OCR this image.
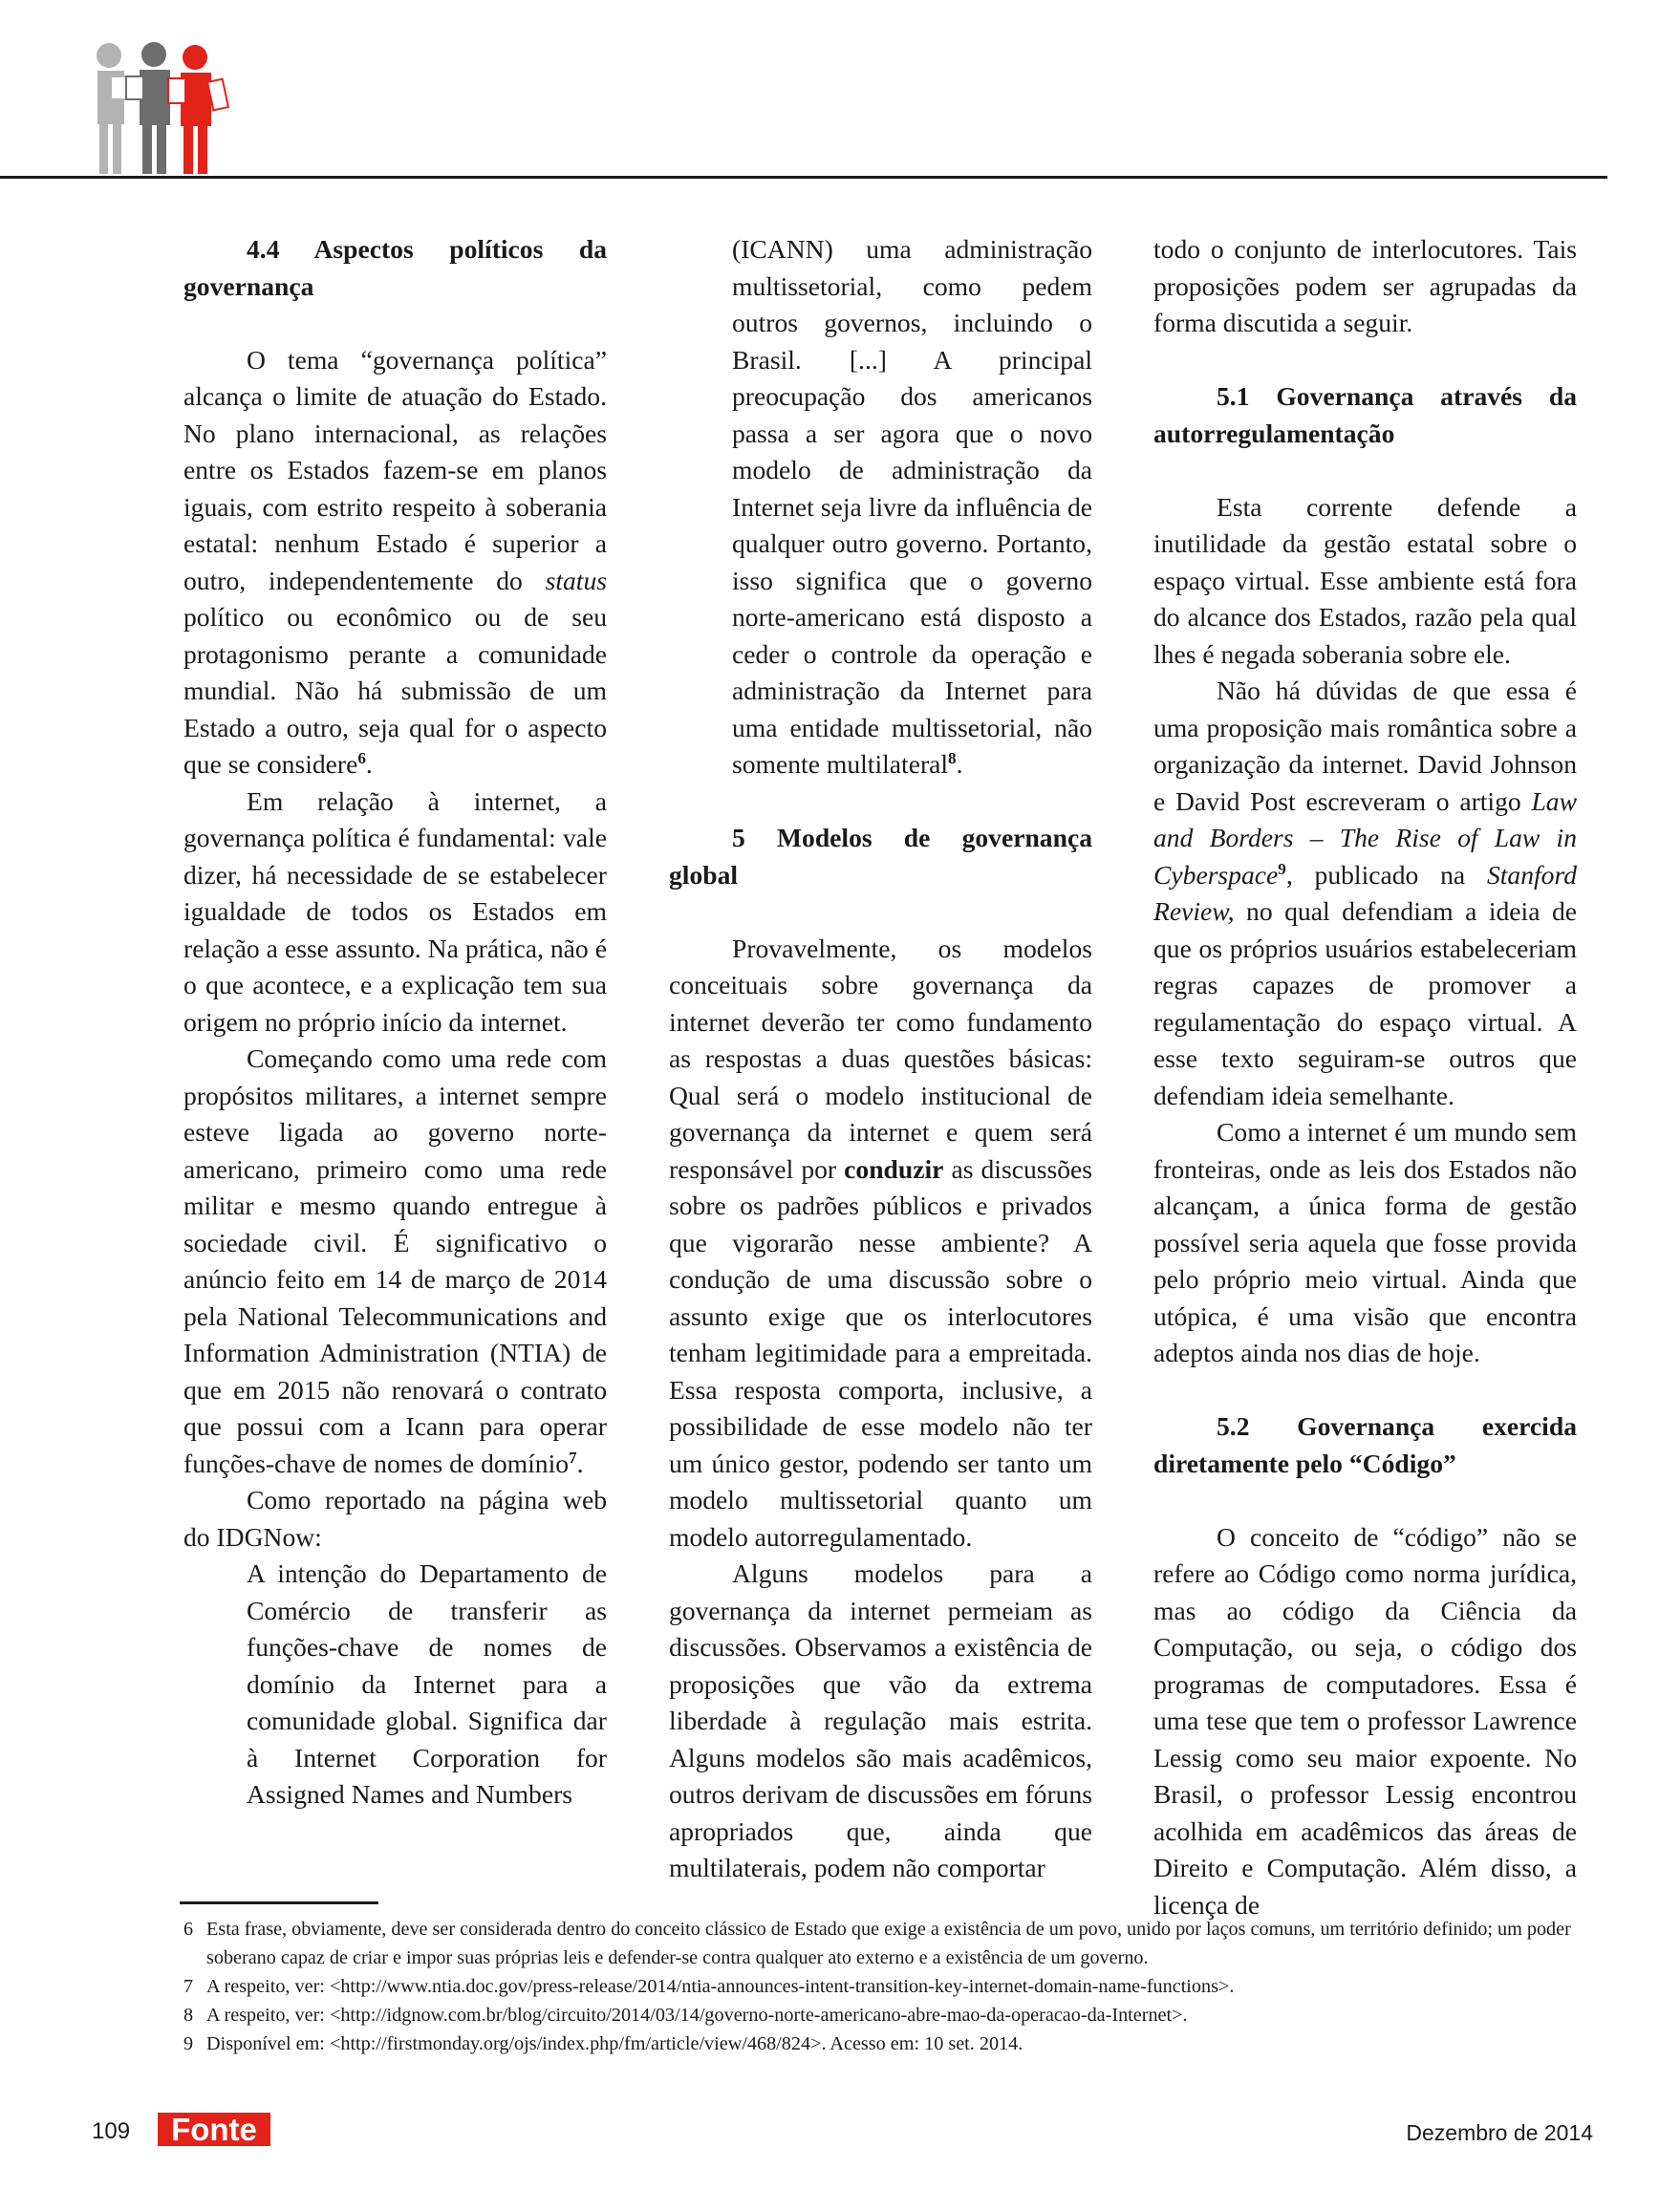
4.4 Aspectos políticos da governança

O tema “governança política” alcança o limite de atuação do Estado. No plano internacional, as relações entre os Estados fazem-se em planos iguais, com estrito respeito à soberania estatal: nenhum Estado é superior a outro, independentemente do status político ou econômico ou de seu protagonismo perante a comunidade mundial. Não há submissão de um Estado a outro, seja qual for o aspecto que se considere$^6$.

Em relação à internet, a governança política é fundamental: vale dizer, há necessidade de se estabelecer igualdade de todos os Estados em relação a esse assunto. Na prática, não é o que acontece, e a explicação tem sua origem no próprio início da internet.

Começando como uma rede com propósitos militares, a internet sempre esteve ligada ao governo norte-americano, primeiro como uma rede militar e mesmo quando entregue à sociedade civil. É significativo o anúncio feito em 14 de março de 2014 pela National Telecommunications and Information Administration (NTIA) de que em 2015 não renovará o contrato que possui com a Icann para operar funções-chave de nomes de domínio$^7$.

Como reportado na página web do IDGNow:

A intenção do Departamento de Comércio de transferir as funções-chave de nomes de domínio da Internet para a comunidade global. Significa dar à Internet Corporation for Assigned Names and Numbers

(ICANN) uma administração multissetorial, como pedem outros governos, incluindo o Brasil. [...] A principal preocupação dos americanos passa a ser agora que o novo modelo de administração da Internet seja livre da influência de qualquer outro governo. Portanto, isso significa que o governo norte-americano está disposto a ceder o controle da operação e administração da Internet para uma entidade multissetorial, não somente multilateral$^8$.

5 Modelos de governança global

Provavelmente, os modelos conceituais sobre governança da internet deverão ter como fundamento as respostas a duas questões básicas: Qual será o modelo institucional de governança da internet e quem será responsável por conduzir as discussões sobre os padrões públicos e privados que vigorarão nesse ambiente? A condução de uma discussão sobre o assunto exige que os interlocutores tenham legitimidade para a empreitada. Essa resposta comporta, inclusive, a possibilidade de esse modelo não ter um único gestor, podendo ser tanto um modelo multissetorial quanto um modelo autorregulamentado.

Alguns modelos para a governança da internet permeiam as discussões. Observamos a existência de proposições que vão da extrema liberdade à regulação mais estrita. Alguns modelos são mais acadêmicos, outros derivam de discussões em fóruns apropriados que, ainda que multilaterais, podem não comportar

todo o conjunto de interlocutores. Tais proposições podem ser agrupadas da forma discutida a seguir.

5.1 Governança através da autorregulamentação

Esta corrente defende a inutilidade da gestão estatal sobre o espaço virtual. Esse ambiente está fora do alcance dos Estados, razão pela qual lhes é negada soberania sobre ele.

Não há dúvidas de que essa é uma proposição mais romântica sobre a organização da internet. David Johnson e David Post escreveram o artigo Law and Borders – The Rise of Law in Cyberspace$^9$, publicado na Stanford Review, no qual defendiam a ideia de que os próprios usuários estabeleceriam regras capazes de promover a regulamentação do espaço virtual. A esse texto seguiram-se outros que defendiam ideia semelhante.

Como a internet é um mundo sem fronteiras, onde as leis dos Estados não alcançam, a única forma de gestão possível seria aquela que fosse provida pelo próprio meio virtual. Ainda que utópica, é uma visão que encontra adeptos ainda nos dias de hoje.

5.2 Governança exercida diretamente pelo “Código”

O conceito de “código” não se refere ao Código como norma jurídica, mas ao código da Ciência da Computação, ou seja, o código dos programas de computadores. Essa é uma tese que tem o professor Lawrence Lessig como seu maior expoente. No Brasil, o professor Lessig encontrou acolhida em acadêmicos das áreas de Direito e Computação. Além disso, a licença de

6 Esta frase, obviamente, deve ser considerada dentro do conceito clássico de Estado que exige a existência de um povo, unido por laços comuns, um território definido; um poder soberano capaz de criar e impor suas próprias leis e defender-se contra qualquer ato externo e a existência de um governo.

7 A respeito, ver: <http://www.ntia.doc.gov/press-release/2014/ntia-announces-intent-transition-key-internet-domain-name-functions>.

8 A respeito, ver: <http://idgnow.com.br/blog/circuito/2014/03/14/governo-norte-americano-abre-mao-da-operacao-da-Internet>.

9 Disponível em: <http://firstmonday.org/ojs/index.php/fm/article/view/468/824>. Acesso em: 10 set. 2014.

109	Fonte	Dezembro de 2014
